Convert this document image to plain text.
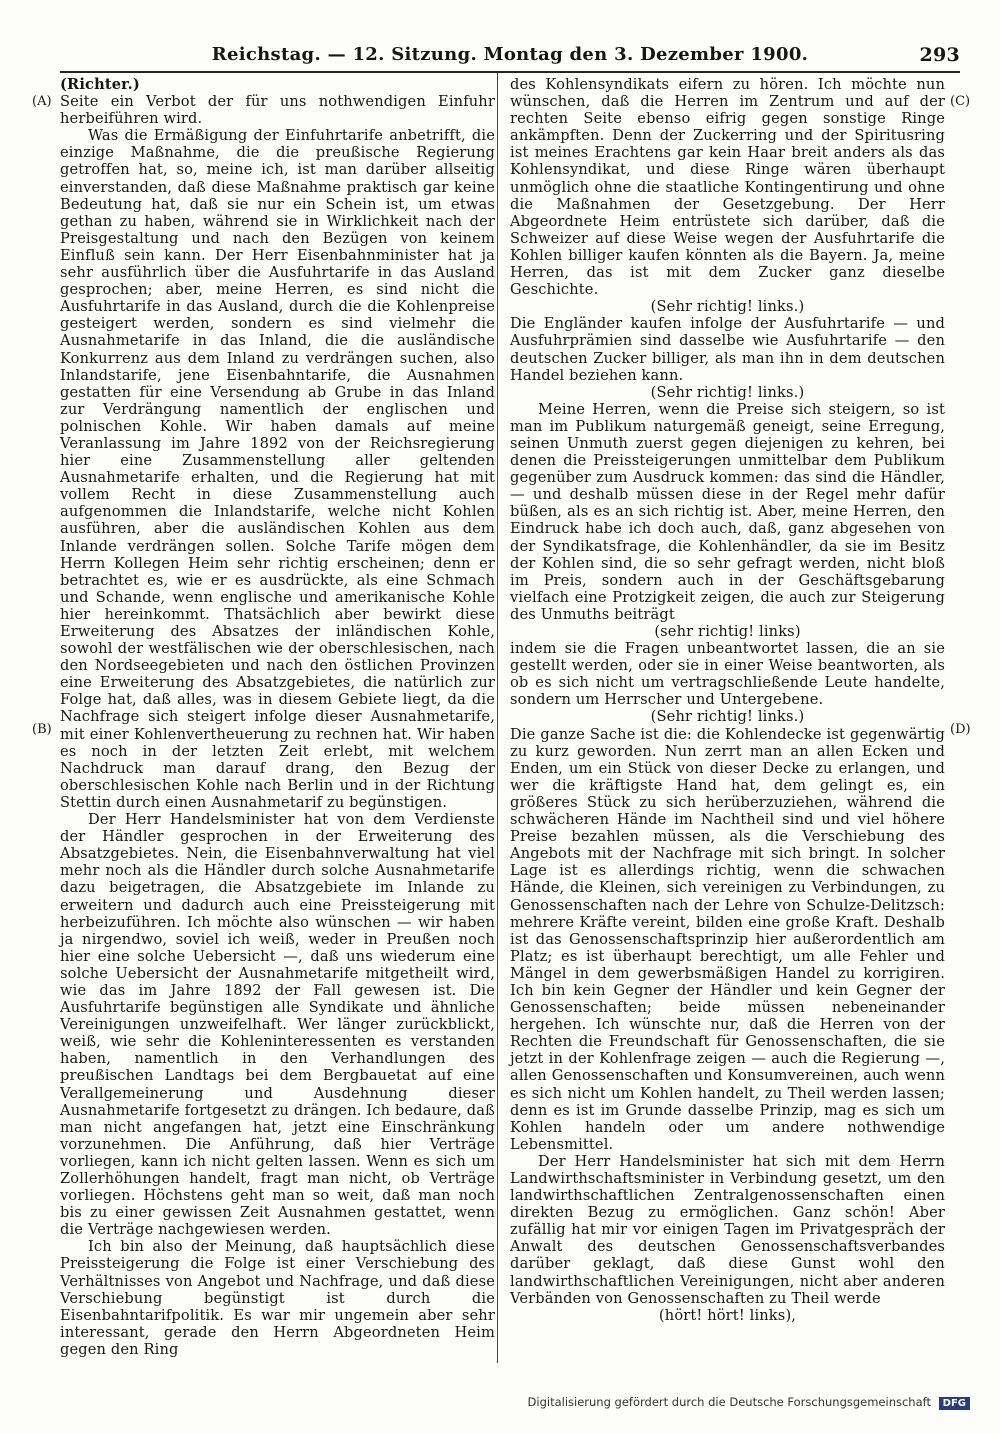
Reichstag. — 12. Sitzung. Montag den 3. Dezember 1900.	293
(A)
(B)
(C)
(D)

(Richter.)

Seite ein Verbot der für uns nothwendigen Einfuhr herbeiführen wird.

Was die Ermäßigung der Einfuhrtarife anbetrifft, die einzige Maßnahme, die die preußische Regierung getroffen hat, so, meine ich, ist man darüber allseitig einverstanden, daß diese Maßnahme praktisch gar keine Bedeutung hat, daß sie nur ein Schein ist, um etwas gethan zu haben, während sie in Wirklichkeit nach der Preisgestaltung und nach den Bezügen von keinem Einfluß sein kann. Der Herr Eisenbahnminister hat ja sehr ausführlich über die Ausfuhrtarife in das Ausland gesprochen; aber, meine Herren, es sind nicht die Ausfuhrtarife in das Ausland, durch die die Kohlenpreise gesteigert werden, sondern es sind vielmehr die Ausnahmetarife in das Inland, die die ausländische Konkurrenz aus dem Inland zu verdrängen suchen, also Inlandstarife, jene Eisenbahntarife, die Ausnahmen gestatten für eine Versendung ab Grube in das Inland zur Verdrängung namentlich der englischen und polnischen Kohle. Wir haben damals auf meine Veranlassung im Jahre 1892 von der Reichsregierung hier eine Zusammenstellung aller geltenden Ausnahmetarife erhalten, und die Regierung hat mit vollem Recht in diese Zusammenstellung auch aufgenommen die Inlandstarife, welche nicht Kohlen ausführen, aber die ausländischen Kohlen aus dem Inlande verdrängen sollen. Solche Tarife mögen dem Herrn Kollegen Heim sehr richtig erscheinen; denn er betrachtet es, wie er es ausdrückte, als eine Schmach und Schande, wenn englische und amerikanische Kohle hier hereinkommt. Thatsächlich aber bewirkt diese Erweiterung des Absatzes der inländischen Kohle, sowohl der westfälischen wie der oberschlesischen, nach den Nordseegebieten und nach den östlichen Provinzen eine Erweiterung des Absatzgebietes, die natürlich zur Folge hat, daß alles, was in diesem Gebiete liegt, da die Nachfrage sich steigert infolge dieser Ausnahmetarife, mit einer Kohlenvertheuerung zu rechnen hat. Wir haben es noch in der letzten Zeit erlebt, mit welchem Nachdruck man darauf drang, den Bezug der oberschlesischen Kohle nach Berlin und in der Richtung Stettin durch einen Ausnahmetarif zu begünstigen.

Der Herr Handelsminister hat von dem Verdienste der Händler gesprochen in der Erweiterung des Absatzgebietes. Nein, die Eisenbahnverwaltung hat viel mehr noch als die Händler durch solche Ausnahmetarife dazu beigetragen, die Absatzgebiete im Inlande zu erweitern und dadurch auch eine Preissteigerung mit herbeizuführen. Ich möchte also wünschen — wir haben ja nirgendwo, soviel ich weiß, weder in Preußen noch hier eine solche Uebersicht —, daß uns wiederum eine solche Uebersicht der Ausnahmetarife mitgetheilt wird, wie das im Jahre 1892 der Fall gewesen ist. Die Ausfuhrtarife begünstigen alle Syndikate und ähnliche Vereinigungen unzweifelhaft. Wer länger zurückblickt, weiß, wie sehr die Kohleninteressenten es verstanden haben, namentlich in den Verhandlungen des preußischen Landtags bei dem Bergbauetat auf eine Verallgemeinerung und Ausdehnung dieser Ausnahmetarife fortgesetzt zu drängen. Ich bedaure, daß man nicht angefangen hat, jetzt eine Einschränkung vorzunehmen. Die Anführung, daß hier Verträge vorliegen, kann ich nicht gelten lassen. Wenn es sich um Zollerhöhungen handelt, fragt man nicht, ob Verträge vorliegen. Höchstens geht man so weit, daß man noch bis zu einer gewissen Zeit Ausnahmen gestattet, wenn die Verträge nachgewiesen werden.

Ich bin also der Meinung, daß hauptsächlich diese Preissteigerung die Folge ist einer Verschiebung des Verhältnisses von Angebot und Nachfrage, und daß diese Verschiebung begünstigt ist durch die Eisenbahntarifpolitik. Es war mir ungemein aber sehr interessant, gerade den Herrn Abgeordneten Heim gegen den Ring

des Kohlensyndikats eifern zu hören. Ich möchte nun wünschen, daß die Herren im Zentrum und auf der rechten Seite ebenso eifrig gegen sonstige Ringe ankämpften. Denn der Zuckerring und der Spiritusring ist meines Erachtens gar kein Haar breit anders als das Kohlensyndikat, und diese Ringe wären überhaupt unmöglich ohne die staatliche Kontingentirung und ohne die Maßnahmen der Gesetzgebung. Der Herr Abgeordnete Heim entrüstete sich darüber, daß die Schweizer auf diese Weise wegen der Ausfuhrtarife die Kohlen billiger kaufen könnten als die Bayern. Ja, meine Herren, das ist mit dem Zucker ganz dieselbe Geschichte.

(Sehr richtig! links.)

Die Engländer kaufen infolge der Ausfuhrtarife — und Ausfuhrprämien sind dasselbe wie Ausfuhrtarife — den deutschen Zucker billiger, als man ihn in dem deutschen Handel beziehen kann.

(Sehr richtig! links.)

Meine Herren, wenn die Preise sich steigern, so ist man im Publikum naturgemäß geneigt, seine Erregung, seinen Unmuth zuerst gegen diejenigen zu kehren, bei denen die Preissteigerungen unmittelbar dem Publikum gegenüber zum Ausdruck kommen: das sind die Händler, — und deshalb müssen diese in der Regel mehr dafür büßen, als es an sich richtig ist. Aber, meine Herren, den Eindruck habe ich doch auch, daß, ganz abgesehen von der Syndikatsfrage, die Kohlenhändler, da sie im Besitz der Kohlen sind, die so sehr gefragt werden, nicht bloß im Preis, sondern auch in der Geschäftsgebarung vielfach eine Protzigkeit zeigen, die auch zur Steigerung des Unmuths beiträgt

(sehr richtig! links)

indem sie die Fragen unbeantwortet lassen, die an sie gestellt werden, oder sie in einer Weise beantworten, als ob es sich nicht um vertragschließende Leute handelte, sondern um Herrscher und Untergebene.

(Sehr richtig! links.)

Die ganze Sache ist die: die Kohlendecke ist gegenwärtig zu kurz geworden. Nun zerrt man an allen Ecken und Enden, um ein Stück von dieser Decke zu erlangen, und wer die kräftigste Hand hat, dem gelingt es, ein größeres Stück zu sich herüberzuziehen, während die schwächeren Hände im Nachtheil sind und viel höhere Preise bezahlen müssen, als die Verschiebung des Angebots mit der Nachfrage mit sich bringt. In solcher Lage ist es allerdings richtig, wenn die schwachen Hände, die Kleinen, sich vereinigen zu Verbindungen, zu Genossenschaften nach der Lehre von Schulze-Delitzsch: mehrere Kräfte vereint, bilden eine große Kraft. Deshalb ist das Genossenschaftsprinzip hier außerordentlich am Platz; es ist überhaupt berechtigt, um alle Fehler und Mängel in dem gewerbsmäßigen Handel zu korrigiren. Ich bin kein Gegner der Händler und kein Gegner der Genossenschaften; beide müssen nebeneinander hergehen. Ich wünschte nur, daß die Herren von der Rechten die Freundschaft für Genossenschaften, die sie jetzt in der Kohlenfrage zeigen — auch die Regierung —, allen Genossenschaften und Konsumvereinen, auch wenn es sich nicht um Kohlen handelt, zu Theil werden lassen; denn es ist im Grunde dasselbe Prinzip, mag es sich um Kohlen handeln oder um andere nothwendige Lebensmittel.

Der Herr Handelsminister hat sich mit dem Herrn Landwirthschaftsminister in Verbindung gesetzt, um den landwirthschaftlichen Zentralgenossenschaften einen direkten Bezug zu ermöglichen. Ganz schön! Aber zufällig hat mir vor einigen Tagen im Privatgespräch der Anwalt des deutschen Genossenschaftsverbandes darüber geklagt, daß diese Gunst wohl den landwirthschaftlichen Vereinigungen, nicht aber anderen Verbänden von Genossenschaften zu Theil werde

(hört! hört! links),

Digitalisierung gefördert durch die Deutsche Forschungsgemeinschaft DFG
